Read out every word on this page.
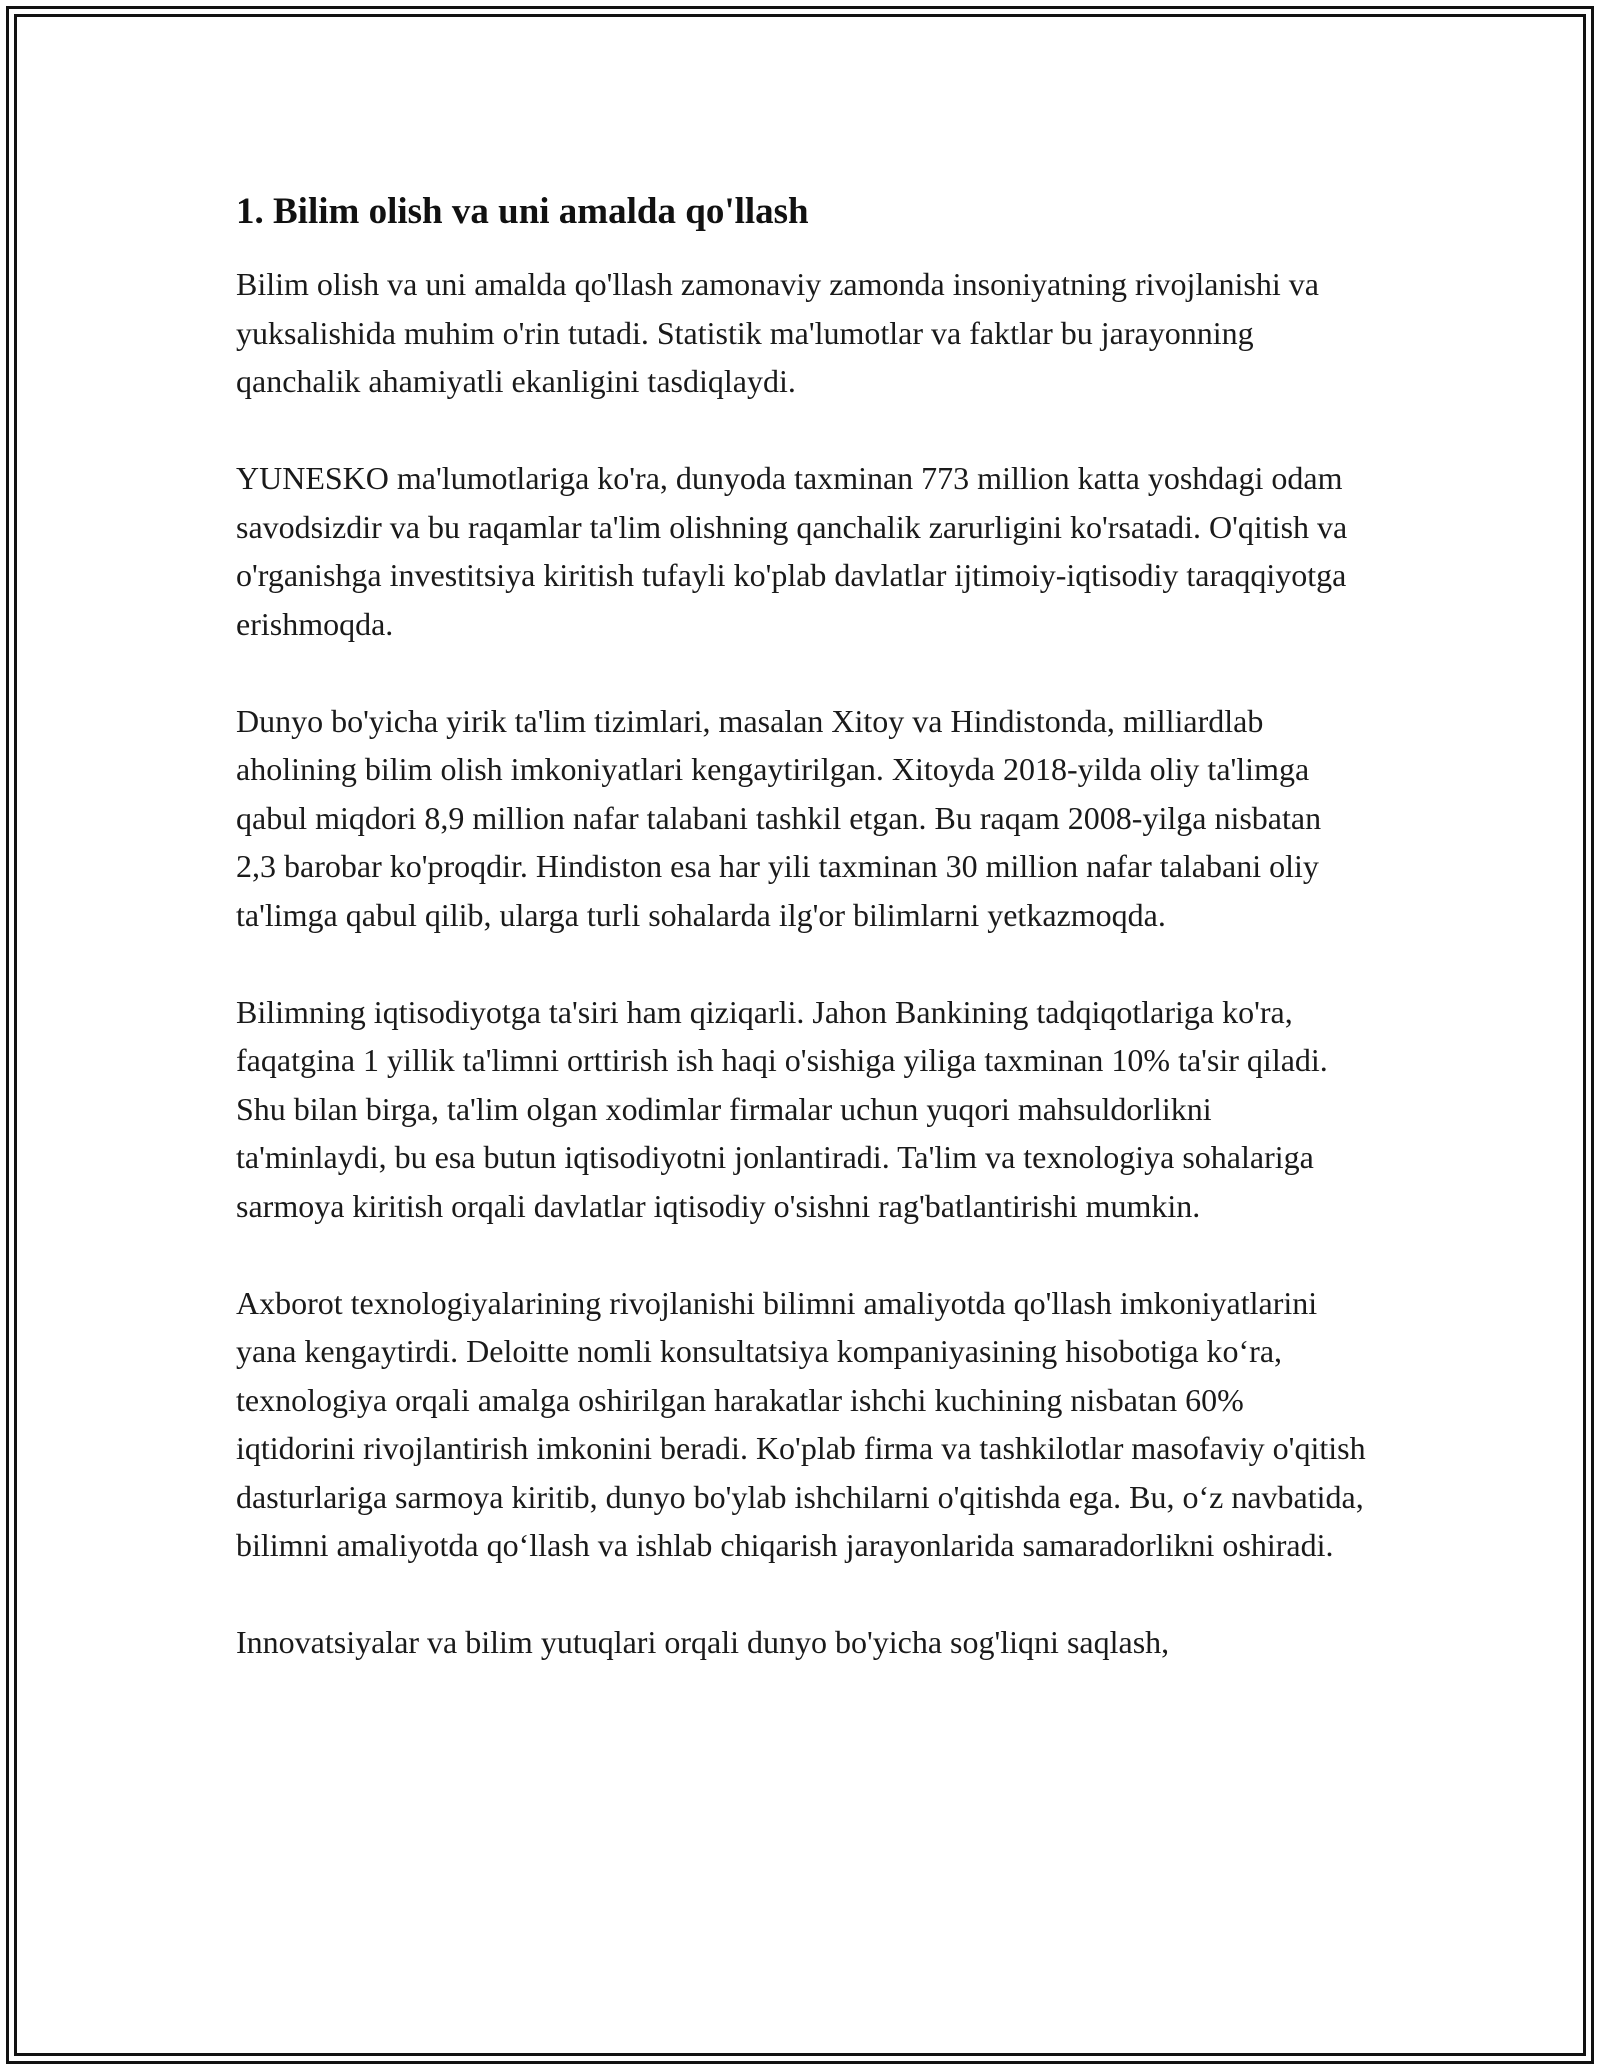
1. Bilim olish va uni amalda qo'llash

Bilim olish va uni amalda qo'llash zamonaviy zamonda insoniyatning rivojlanishi va yuksalishida muhim o'rin tutadi. Statistik ma'lumotlar va faktlar bu jarayonning qanchalik ahamiyatli ekanligini tasdiqlaydi.

YUNESKO ma'lumotlariga ko'ra, dunyoda taxminan 773 million katta yoshdagi odam savodsizdir va bu raqamlar ta'lim olishning qanchalik zarurligini ko'rsatadi. O'qitish va o'rganishga investitsiya kiritish tufayli ko'plab davlatlar ijtimoiy-iqtisodiy taraqqiyotga erishmoqda.

Dunyo bo'yicha yirik ta'lim tizimlari, masalan Xitoy va Hindistonda, milliardlab aholining bilim olish imkoniyatlari kengaytirilgan. Xitoyda 2018-yilda oliy ta'limga qabul miqdori 8,9 million nafar talabani tashkil etgan. Bu raqam 2008-yilga nisbatan 2,3 barobar ko'proqdir. Hindiston esa har yili taxminan 30 million nafar talabani oliy ta'limga qabul qilib, ularga turli sohalarda ilg'or bilimlarni yetkazmoqda.

Bilimning iqtisodiyotga ta'siri ham qiziqarli. Jahon Bankining tadqiqotlariga ko'ra, faqatgina 1 yillik ta'limni orttirish ish haqi o'sishiga yiliga taxminan 10% ta'sir qiladi. Shu bilan birga, ta'lim olgan xodimlar firmalar uchun yuqori mahsuldorlikni ta'minlaydi, bu esa butun iqtisodiyotni jonlantiradi. Ta'lim va texnologiya sohalariga sarmoya kiritish orqali davlatlar iqtisodiy o'sishni rag'batlantirishi mumkin.

Axborot texnologiyalarining rivojlanishi bilimni amaliyotda qo'llash imkoniyatlarini yana kengaytirdi. Deloitte nomli konsultatsiya kompaniyasining hisobotiga ko‘ra, texnologiya orqali amalga oshirilgan harakatlar ishchi kuchining nisbatan 60% iqtidorini rivojlantirish imkonini beradi. Ko'plab firma va tashkilotlar masofaviy o'qitish dasturlariga sarmoya kiritib, dunyo bo'ylab ishchilarni o'qitishda ega. Bu, o‘z navbatida, bilimni amaliyotda qo‘llash va ishlab chiqarish jarayonlarida samaradorlikni oshiradi.

Innovatsiyalar va bilim yutuqlari orqali dunyo bo'yicha sog'liqni saqlash,
